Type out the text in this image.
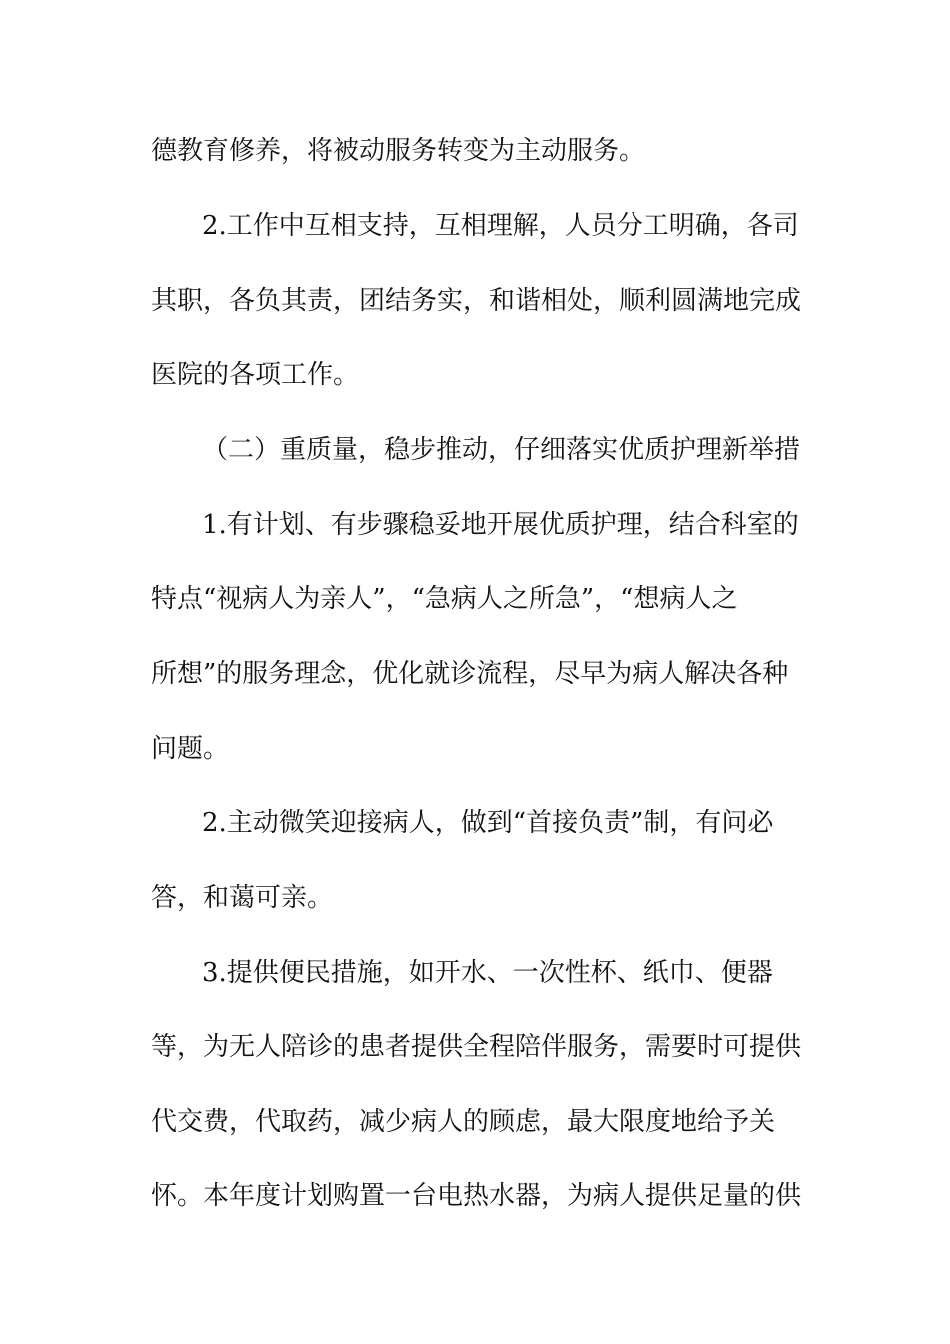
德教育修养，将被动服务转变为主动服务。

2.工作中互相支持，互相理解，人员分工明确，各司

其职，各负其责，团结务实，和谐相处，顺利圆满地完成

医院的各项工作。

（二）重质量，稳步推动，仔细落实优质护理新举措

1.有计划、有步骤稳妥地开展优质护理，结合科室的

特点“视病人为亲人”，“急病人之所急”，“想病人之

所想”的服务理念，优化就诊流程，尽早为病人解决各种

问题。

2.主动微笑迎接病人，做到“首接负责”制，有问必

答，和蔼可亲。

3.提供便民措施，如开水、一次性杯、纸巾、便器

等，为无人陪诊的患者提供全程陪伴服务，需要时可提供

代交费，代取药，减少病人的顾虑，最大限度地给予关

怀。本年度计划购置一台电热水器，为病人提供足量的供
